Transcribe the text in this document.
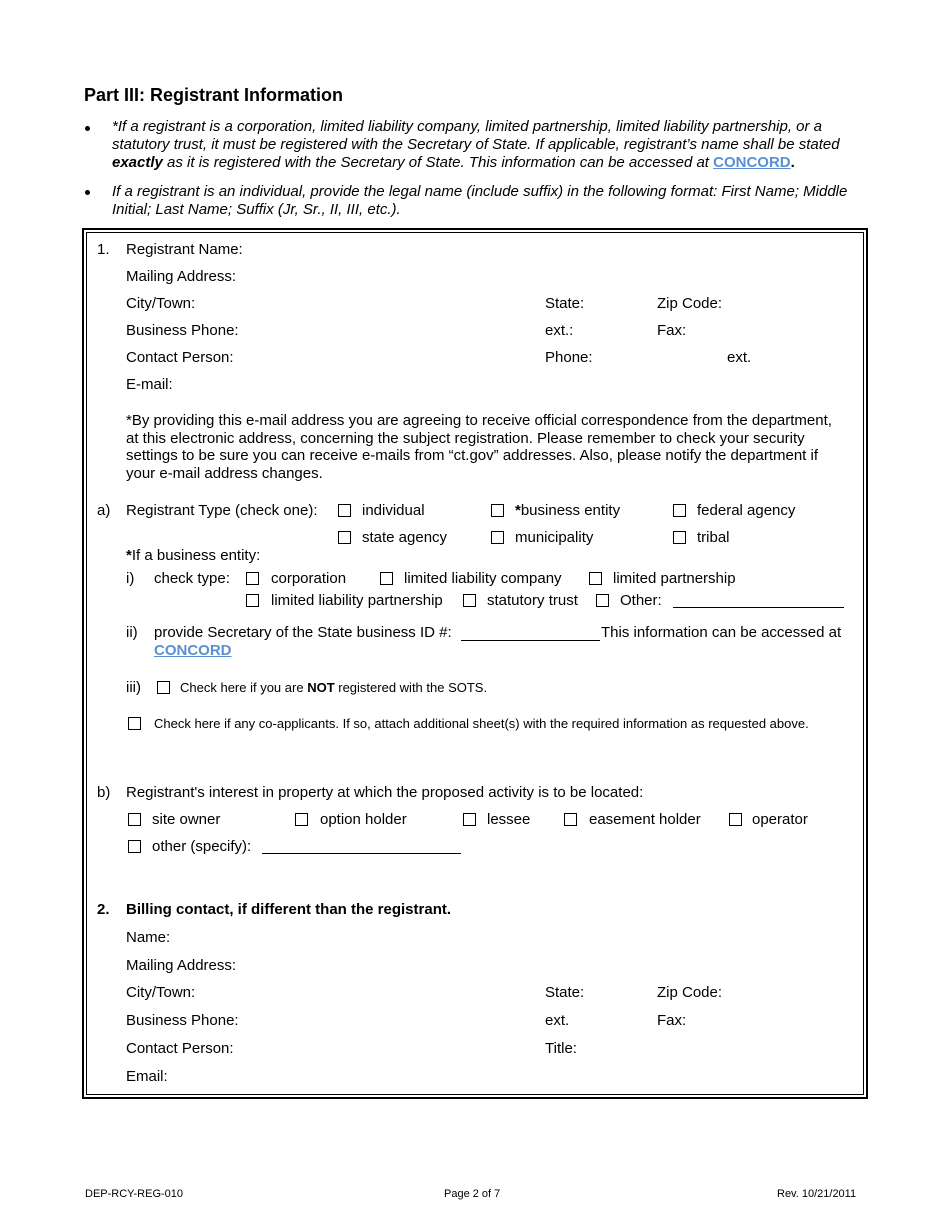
Part III: Registrant Information
*If a registrant is a corporation, limited liability company, limited partnership, limited liability partnership, or a statutory trust, it must be registered with the Secretary of State. If applicable, registrant’s name shall be stated exactly as it is registered with the Secretary of State. This information can be accessed at CONCORD.
If a registrant is an individual, provide the legal name (include suffix) in the following format: First Name; Middle Initial; Last Name; Suffix (Jr, Sr., II, III, etc.).
1. Registrant Name:
Mailing Address:
City/Town:	State:	Zip Code:
Business Phone:	ext.:	Fax:
Contact Person:	Phone:	ext.
E-mail:
*By providing this e-mail address you are agreeing to receive official correspondence from the department, at this electronic address, concerning the subject registration. Please remember to check your security settings to be sure you can receive e-mails from “ct.gov” addresses. Also, please notify the department if your e-mail address changes.
a) Registrant Type (check one):	individual	*business entity	federal agency
state agency	municipality	tribal
*If a business entity:
i) check type:	corporation	limited liability company	limited partnership
limited liability partnership	statutory trust	Other:
ii) provide Secretary of the State business ID #:	This information can be accessed at
CONCORD
iii)	Check here if you are NOT registered with the SOTS.
Check here if any co-applicants. If so, attach additional sheet(s) with the required information as requested above.
b) Registrant's interest in property at which the proposed activity is to be located:
site owner	option holder	lessee	easement holder	operator
other (specify):
2. Billing contact, if different than the registrant.
Name:
Mailing Address:
City/Town:	State:	Zip Code:
Business Phone:	ext.	Fax:
Contact Person:	Title:
Email:
DEP-RCY-REG-010	Page 2 of 7	Rev. 10/21/2011
